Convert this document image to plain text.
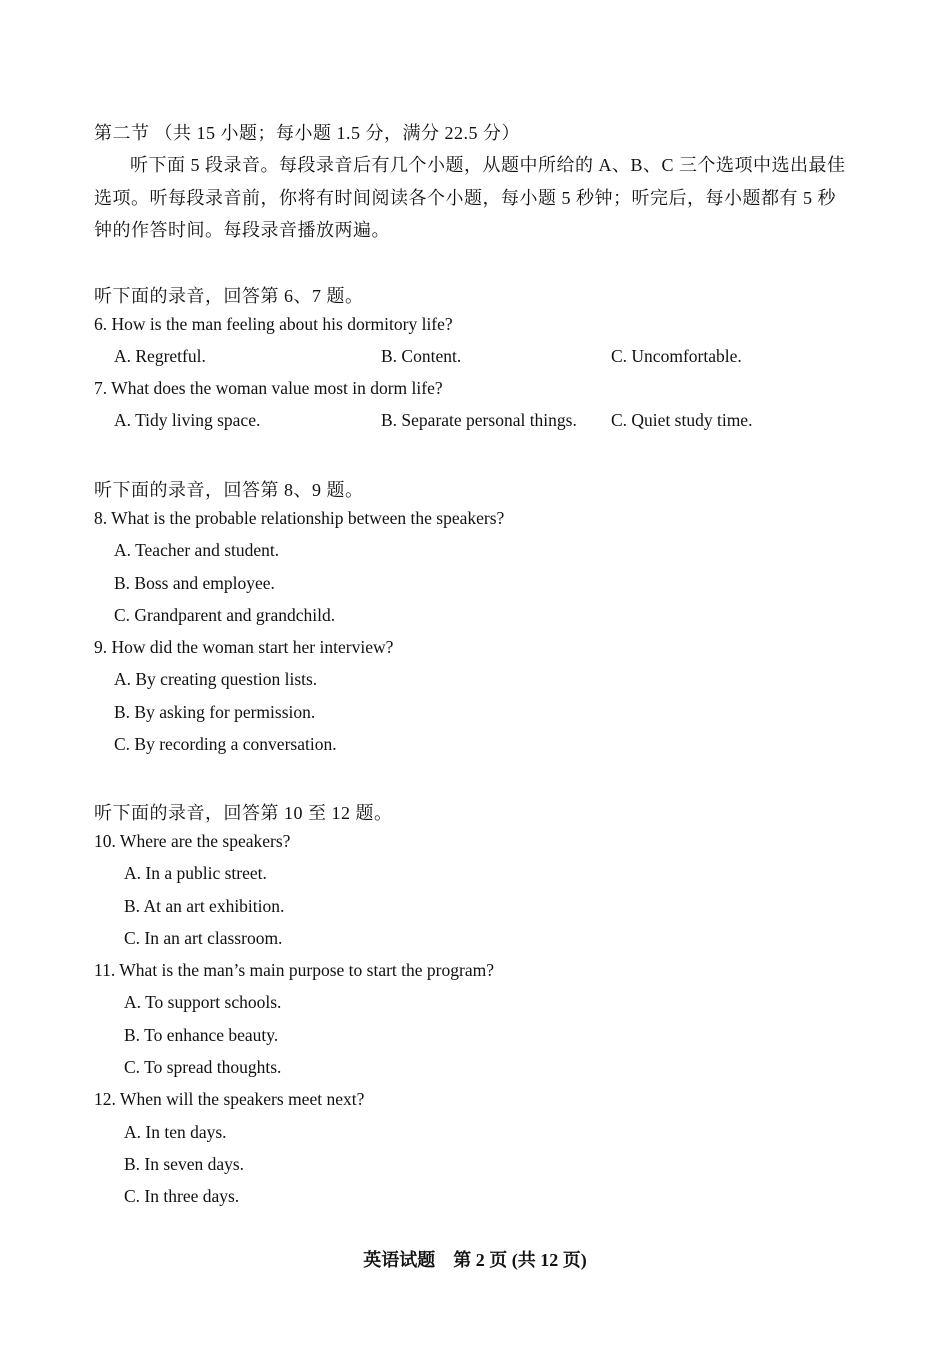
第二节 （共 15 小题；每小题 1.5 分，满分 22.5 分）
听下面 5 段录音。每段录音后有几个小题，从题中所给的 A、B、C 三个选项中选出最佳
选项。听每段录音前，你将有时间阅读各个小题，每小题 5 秒钟；听完后，每小题都有 5 秒
钟的作答时间。每段录音播放两遍。
听下面的录音，回答第 6、7 题。
6. How is the man feeling about his dormitory life?
A. Regretful.	B. Content.	C. Uncomfortable.
7. What does the woman value most in dorm life?
A. Tidy living space.	B. Separate personal things. C. Quiet study time.
听下面的录音，回答第 8、9 题。
8. What is the probable relationship between the speakers?
A. Teacher and student.
B. Boss and employee.
C. Grandparent and grandchild.
9. How did the woman start her interview?
A. By creating question lists.
B. By asking for permission.
C. By recording a conversation.
听下面的录音，回答第 10 至 12 题。
10. Where are the speakers?
A. In a public street.
B. At an art exhibition.
C. In an art classroom.
11. What is the man’s main purpose to start the program?
A. To support schools.
B. To enhance beauty.
C. To spread thoughts.
12. When will the speakers meet next?
A. In ten days.
B. In seven days.
C. In three days.
英语试题　第 2 页 (共 12 页)
